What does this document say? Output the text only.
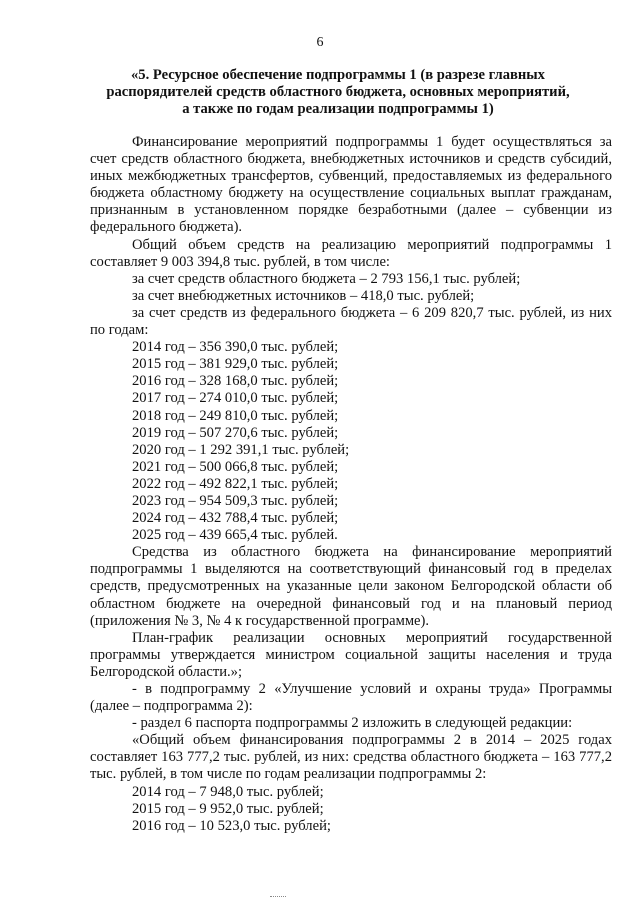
6
«5. Ресурсное обеспечение подпрограммы 1 (в разрезе главных
распорядителей средств областного бюджета, основных мероприятий,
а также по годам реализации подпрограммы 1)

Финансирование мероприятий подпрограммы 1 будет осуществляться за счет средств областного бюджета, внебюджетных источников и средств субсидий, иных межбюджетных трансфертов, субвенций, предоставляемых из федерального бюджета областному бюджету на осуществление социальных выплат гражданам, признанным в установленном порядке безработными (далее – субвенции из федерального бюджета).

Общий объем средств на реализацию мероприятий подпрограммы 1 составляет 9 003 394,8 тыс. рублей, в том числе:

за счет средств областного бюджета – 2 793 156,1 тыс. рублей;

за счет внебюджетных источников – 418,0 тыс. рублей;

за счет средств из федерального бюджета – 6 209 820,7 тыс. рублей, из них по годам:

2014 год – 356 390,0 тыс. рублей;
2015 год – 381 929,0 тыс. рублей;
2016 год – 328 168,0 тыс. рублей;
2017 год – 274 010,0 тыс. рублей;
2018 год – 249 810,0 тыс. рублей;
2019 год – 507 270,6 тыс. рублей;
2020 год – 1 292 391,1 тыс. рублей;
2021 год – 500 066,8 тыс. рублей;
2022 год – 492 822,1 тыс. рублей;
2023 год – 954 509,3 тыс. рублей;
2024 год – 432 788,4 тыс. рублей;
2025 год – 439 665,4 тыс. рублей.

Средства из областного бюджета на финансирование мероприятий подпрограммы 1 выделяются на соответствующий финансовый год в пределах средств, предусмотренных на указанные цели законом Белгородской области об областном бюджете на очередной финансовый год и на плановый период (приложения № 3, № 4 к государственной программе).

План-график реализации основных мероприятий государственной программы утверждается министром социальной защиты населения и труда Белгородской области.»;

- в подпрограмму 2 «Улучшение условий и охраны труда» Программы (далее – подпрограмма 2):

- раздел 6 паспорта подпрограммы 2 изложить в следующей редакции:

«Общий объем финансирования подпрограммы 2 в 2014 – 2025 годах составляет 163 777,2 тыс. рублей, из них: средства областного бюджета – 163 777,2 тыс. рублей, в том числе по годам реализации подпрограммы 2:

2014 год – 7 948,0 тыс. рублей;
2015 год – 9 952,0 тыс. рублей;
2016 год – 10 523,0 тыс. рублей;
